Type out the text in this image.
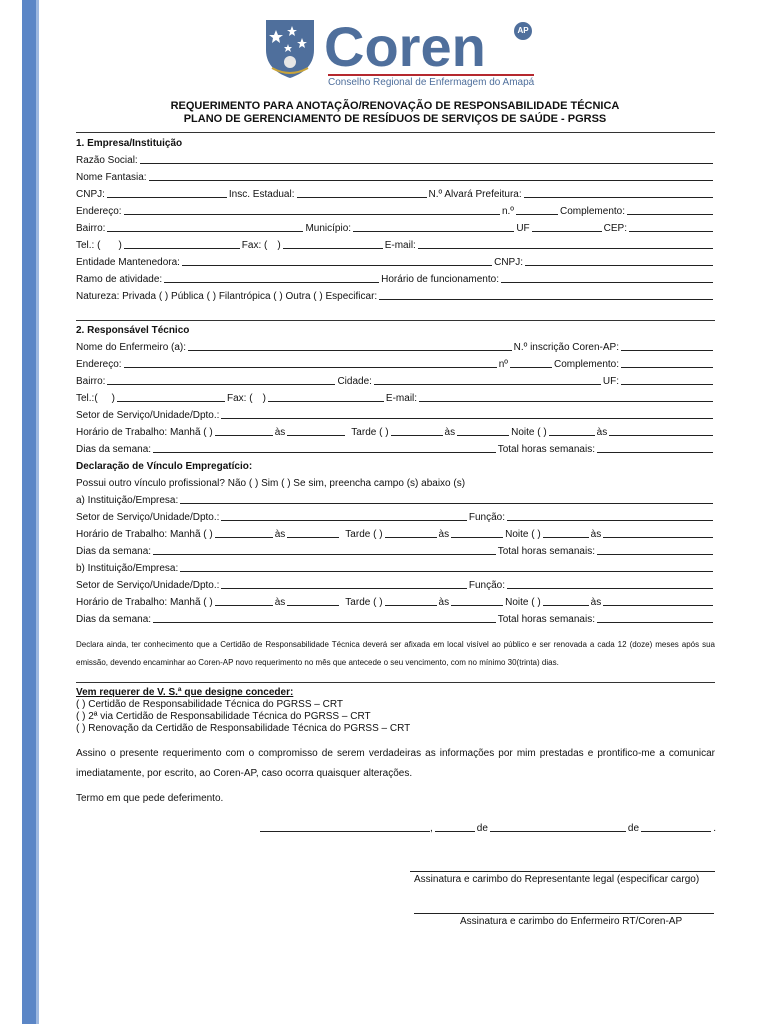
Coren	AP
Conselho Regional de Enfermagem do Amapá
REQUERIMENTO PARA ANOTAÇÃO/RENOVAÇÃO DE RESPONSABILIDADE TÉCNICA
PLANO DE GERENCIAMENTO DE RESÍDUOS DE SERVIÇOS DE SAÚDE - PGRSS
1. Empresa/Instituição
Razão Social:
Nome Fantasia:
CNPJ:	Insc. Estadual:	N.º Alvará Prefeitura:
Endereço:	n.º	Complemento:
Bairro:	Município:	UF	CEP:
Tel.: ( )	Fax: ( )	E-mail:
Entidade Mantenedora:	CNPJ:
Ramo de atividade:	Horário de funcionamento:
Natureza: Privada ( ) Pública ( ) Filantrópica ( ) Outra ( ) Especificar:
2. Responsável Técnico
Nome do Enfermeiro (a):	N.º inscrição Coren-AP:
Endereço:	nº	Complemento:
Bairro:	Cidade:	UF:
Tel.:( )	Fax: ( )	E-mail:
Setor de Serviço/Unidade/Dpto.:
Horário de Trabalho: Manhã ( )	às	Tarde ( )	às	Noite ( )	às
Dias da semana:	Total horas semanais:
Declaração de Vínculo Empregatício:
Possui outro vínculo profissional? Não ( ) Sim ( ) Se sim, preencha campo (s) abaixo (s)
a) Instituição/Empresa:
Setor de Serviço/Unidade/Dpto.:	Função:
Horário de Trabalho: Manhã ( )	às	Tarde ( )	às	Noite ( )	às
Dias da semana:	Total horas semanais:
b) Instituição/Empresa:
Setor de Serviço/Unidade/Dpto.:	Função:
Horário de Trabalho: Manhã ( )	às	Tarde ( )	às	Noite ( )	às
Dias da semana:	Total horas semanais:
Declara ainda, ter conhecimento que a Certidão de Responsabilidade Técnica deverá ser afixada em local visível ao público e ser renovada a cada 12 (doze) meses após sua emissão, devendo encaminhar ao Coren-AP novo requerimento no mês que antecede o seu vencimento, com no mínimo 30(trinta) dias.
Vem requerer de V. S.ª que designe conceder:
( ) Certidão de Responsabilidade Técnica do PGRSS – CRT
( ) 2ª via Certidão de Responsabilidade Técnica do PGRSS – CRT
( ) Renovação da Certidão de Responsabilidade Técnica do PGRSS – CRT
Assino o presente requerimento com o compromisso de serem verdadeiras as informações por mim prestadas e prontifico-me a comunicar imediatamente, por escrito, ao Coren-AP, caso ocorra quaisquer alterações.
Termo em que pede deferimento.
,	de	de	.
Assinatura e carimbo do Representante legal (especificar cargo)
Assinatura e carimbo do Enfermeiro RT/Coren-AP
